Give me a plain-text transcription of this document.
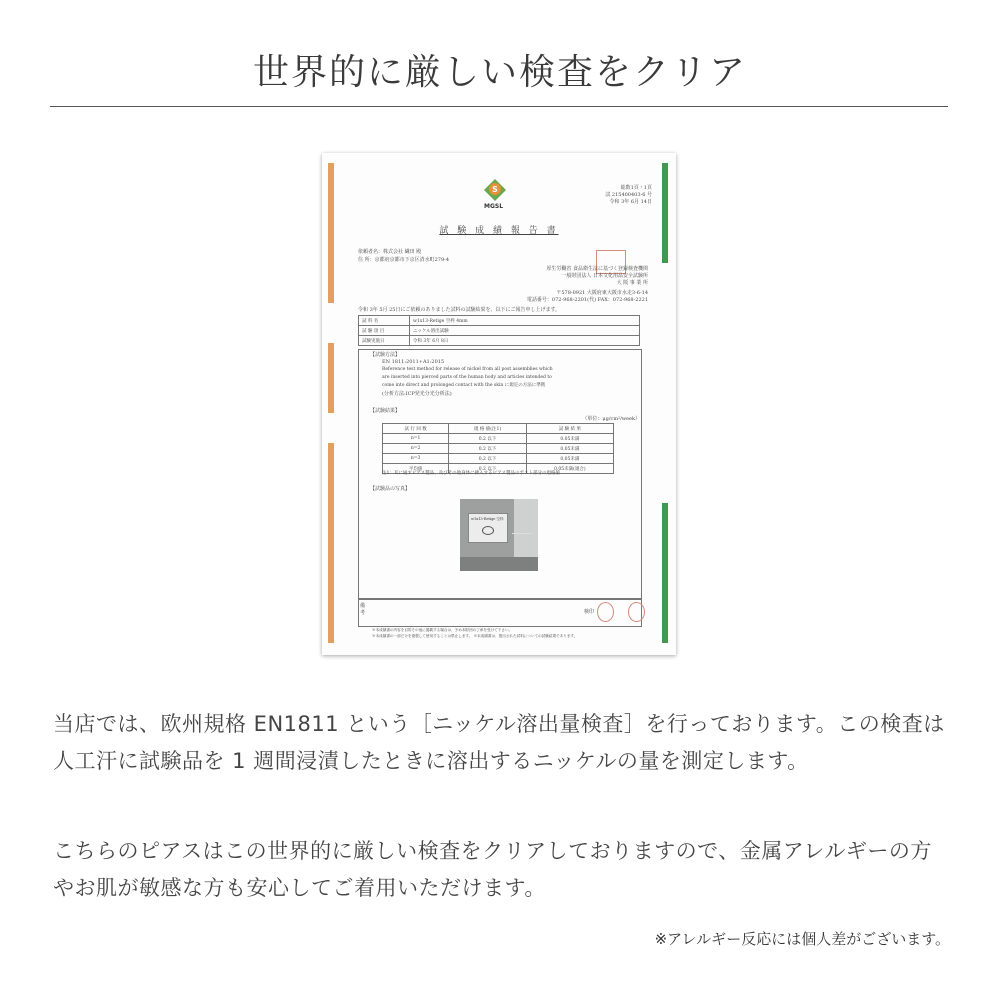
世界的に厳しい検査をクリア
S
MGSL
総数1頁・1頁
試 215400403-6 号
令和 3年 6月 14日
試 験 成 績 報 告 書
依頼者名：株式会社 繊田 殿
住 所：京都府京都市下京区清水町279-4
厚生労働省 食品衛生法に基づく登録検査機関
一般財団法人 日本文化用品安全試験所
大 阪 事 業 所
〒578-0921 大阪府東大阪市水走3-6-14
電話番号：072-968-2201(代) FAX：072-968-2221
令和 3年 5月 25日にご依頼のありました試料の試験結果を、以下にご報告申し上げます。
試 料 名	w1x13-Retige 空枠 4mm
試 験 項 目	ニッケル溶出試験
試験実施日	令和 3年 6月 8日
【試験方法】
EN 1811:2011+A1:2015
Reference test method for release of nickel from all post assemblies which
are inserted into pierced parts of the human body and articles intended to
come into direct and prolonged contact with the skin に規定の方法に準拠
(分析方法:ICP発光分光分析法)
【試験結果】
（単位：μg/cm²/week）
試 行 回 数	規 格 値(注1)	試 験 結 果
n=1	0.2 以下	0.05未満
n=2	0.2 以下	0.05未満
n=3	0.2 以下	0.05未満
平均値	0.2 以下	0.05未満(適合)
注1：耳に通すピアス製品、及びその他身体に挿入するピアス製品のポスト部分の規格値
【試験品の写真】
w1x13-Retige 空枠
備 考	検印
※本成績書の内容を目的その他に掲載する場合は、予め本財団の了承を受けて下さい。
※本成績書の一部だけを複製して使用することは禁止します。 ※本成績書は、提出された試料についての試験結果であります。
当店では、欧州規格 EN1811 という［ニッケル溶出量検査］を行っております。この検査は人工汗に試験品を 1 週間浸漬したときに溶出するニッケルの量を測定します。
こちらのピアスはこの世界的に厳しい検査をクリアしておりますので、金属アレルギーの方やお肌が敏感な方も安心してご着用いただけます。
※アレルギー反応には個人差がございます。
